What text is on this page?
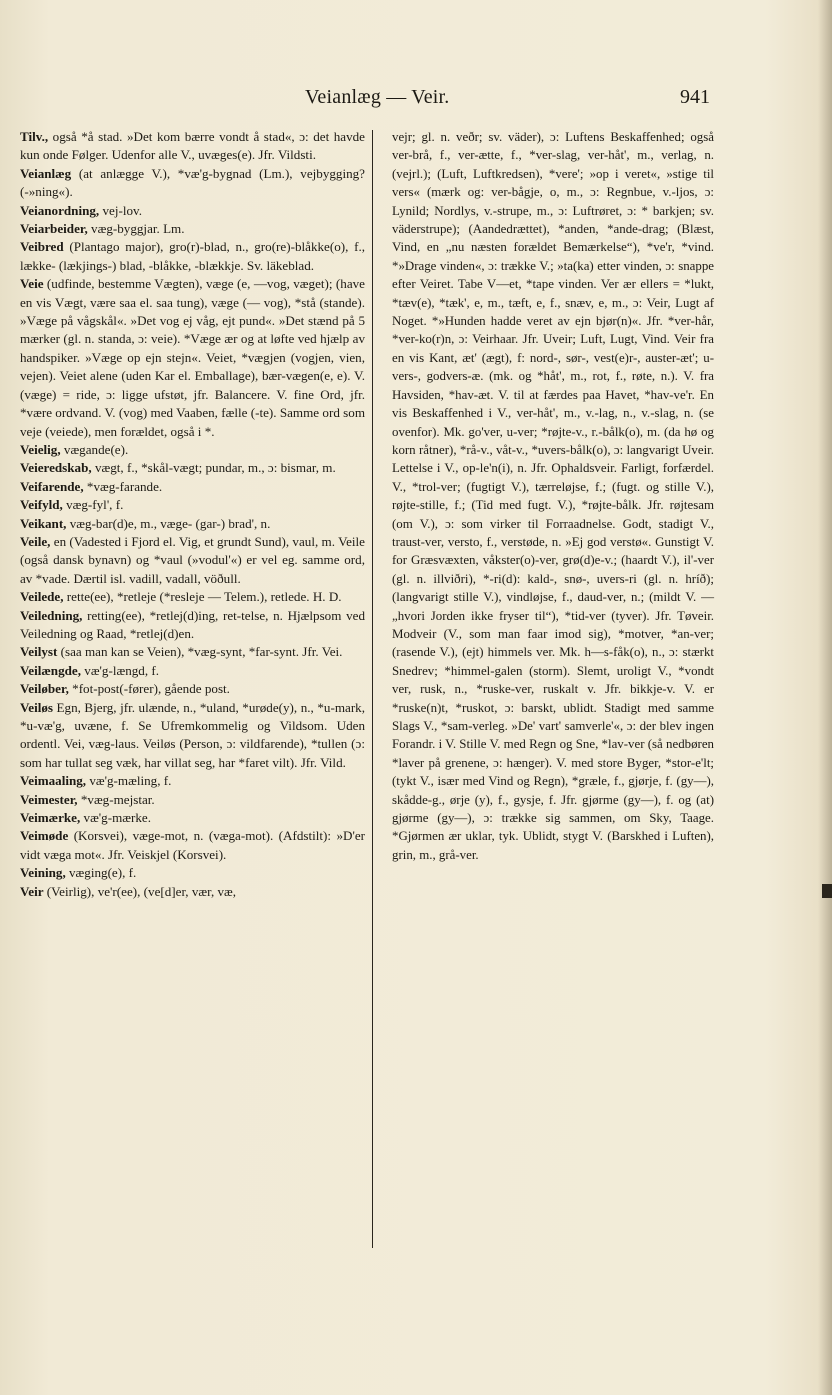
Veianlæg — Veir.	941

Tilv., også *å stad. »Det kom bærre vondt å stad«, ɔ: det havde kun onde Følger. Udenfor alle V., uvæges(e). Jfr. Vildsti.

Veianlæg (at anlægge V.), *væ'g-bygnad (Lm.), vejbygging? (-»ning«).

Veianordning, vej-lov.

Veiarbeider, væg-byggjar. Lm.

Veibred (Plantago major), gro(r)-blad, n., gro(re)-blåkke(o), f., lække- (lækjings-) blad, -blåkke, -blækkje. Sv. läkeblad.

Veie (udfinde, bestemme Vægten), væge (e, —vog, væget); (have en vis Vægt, være saa el. saa tung), væge (— vog), *stå (stande). »Væge på vågskål«. »Det vog ej våg, ejt pund«. »Det stænd på 5 mærker (gl. n. standa, ɔ: veie). *Væge ær og at løfte ved hjælp av handspiker. »Væge op ejn stejn«. Veiet, *vægjen (vogjen, vien, vejen). Veiet alene (uden Kar el. Emballage), bær-vægen(e, e). V. (væge) = ride, ɔ: ligge ufstøt, jfr. Balancere. V. fine Ord, jfr. *være ordvand. V. (vog) med Vaaben, fælle (-te). Samme ord som veje (veiede), men forældet, også i *.

Veielig, vægande(e).

Veieredskab, vægt, f., *skål-vægt; pundar, m., ɔ: bismar, m.

Veifarende, *væg-farande.

Veifyld, væg-fyl', f.

Veikant, væg-bar(d)e, m., væge- (gar-) brad', n.

Veile, en (Vadested i Fjord el. Vig, et grundt Sund), vaul, m. Veile (også dansk bynavn) og *vaul (»vodul'«) er vel eg. samme ord, av *vade. Dærtil isl. vadill, vadall, vöðull.

Veilede, rette(ee), *retleje (*resleje — Telem.), retlede. H. D.

Veiledning, retting(ee), *retlej(d)ing, ret-telse, n. Hjælpsom ved Veiledning og Raad, *retlej(d)en.

Veilyst (saa man kan se Veien), *væg-synt, *far-synt. Jfr. Vei.

Veilængde, væ'g-længd, f.

Veiløber, *fot-post(-fører), gående post.

Veiløs Egn, Bjerg, jfr. ulænde, n., *uland, *urøde(y), n., *u-mark, *u-væ'g, uvæne, f. Se Ufremkommelig og Vildsom. Uden ordentl. Vei, væg-laus. Veiløs (Person, ɔ: vildfarende), *tullen (ɔ: som har tullat seg væk, har villat seg, har *faret vilt). Jfr. Vild.

Veimaaling, væ'g-mæling, f.

Veimester, *væg-mejstar.

Veimærke, væ'g-mærke.

Veimøde (Korsvei), væge-mot, n. (væga-mot). (Afdstilt): »D'er vidt væga mot«. Jfr. Veiskjel (Korsvei).

Veining, væging(e), f.

Veir (Veirlig), ve'r(ee), (ve[d]er, vær, væ,

vejr; gl. n. veðr; sv. väder), ɔ: Luftens Beskaffenhed; også ver-brå, f., ver-ætte, f., *ver-slag, ver-håt', m., verlag, n. (vejrl.); (Luft, Luftkredsen), *vere'; »op i veret«, »stige til vers« (mærk og: ver-bågje, o, m., ɔ: Regnbue, v.-ljos, ɔ: Lynild; Nordlys, v.-strupe, m., ɔ: Luftrøret, ɔ: * barkjen; sv. väderstrupe); (Aandedrættet), *anden, *ande-drag; (Blæst, Vind, en „nu næsten forældet Bemærkelse“), *ve'r, *vind. *»Drage vinden«, ɔ: trække V.; »ta(ka) etter vinden, ɔ: snappe efter Veiret. Tabe V—et, *tape vinden. Ver ær ellers = *lukt, *tæv(e), *tæk', e, m., tæft, e, f., snæv, e, m., ɔ: Veir, Lugt af Noget. *»Hunden hadde veret av ejn bjør(n)«. Jfr. *ver-hår, *ver-ko(r)n, ɔ: Veirhaar. Jfr. Uveir; Luft, Lugt, Vind. Veir fra en vis Kant, æt' (ægt), f: nord-, sør-, vest(e)r-, auster-æt'; u-vers-, godvers-æ. (mk. og *håt', m., rot, f., røte, n.). V. fra Havsiden, *hav-æt. V. til at færdes paa Havet, *hav-ve'r. En vis Beskaffenhed i V., ver-håt', m., v.-lag, n., v.-slag, n. (se ovenfor). Mk. go'ver, u-ver; *røjte-v., r.-bålk(o), m. (da hø og korn råtner), *rå-v., våt-v., *uvers-bålk(o), ɔ: langvarigt Uveir. Lettelse i V., op-le'n(i), n. Jfr. Ophaldsveir. Farligt, forfærdel. V., *trol-ver; (fugtigt V.), tærreløjse, f.; (fugt. og stille V.), røjte-stille, f.; (Tid med fugt. V.), *røjte-bålk. Jfr. røjtesam (om V.), ɔ: som virker til Forraadnelse. Godt, stadigt V., traust-ver, versto, f., verstøde, n. »Ej god verstø«. Gunstigt V. for Græsvæxten, våkster(o)-ver, grø(d)e-v.; (haardt V.), il'-ver (gl. n. illviðri), *-ri(d): kald-, snø-, uvers-ri (gl. n. hríð); (langvarigt stille V.), vindløjse, f., daud-ver, n.; (mildt V. — „hvori Jorden ikke fryser til“), *tid-ver (tyver). Jfr. Tøveir. Modveir (V., som man faar imod sig), *motver, *an-ver; (rasende V.), (ejt) himmels ver. Mk. h—s-fåk(o), n., ɔ: stærkt Snedrev; *himmel-galen (storm). Slemt, uroligt V., *vondt ver, rusk, n., *ruske-ver, ruskalt v. Jfr. bikkje-v. V. er *ruske(n)t, *ruskot, ɔ: barskt, ublidt. Stadigt med samme Slags V., *sam-verleg. »De' vart' samverle'«, ɔ: der blev ingen Forandr. i V. Stille V. med Regn og Sne, *lav-ver (så nedbøren *laver på grenene, ɔ: hænger). V. med store Byger, *stor-e'lt; (tykt V., især med Vind og Regn), *græle, f., gjørje, f. (gy—), skådde-g., ørje (y), f., gysje, f. Jfr. gjørme (gy—), f. og (at) gjørme (gy—), ɔ: trække sig sammen, om Sky, Taage. *Gjørmen ær uklar, tyk. Ublidt, stygt V. (Barskhed i Luften), grin, m., grå-ver.
